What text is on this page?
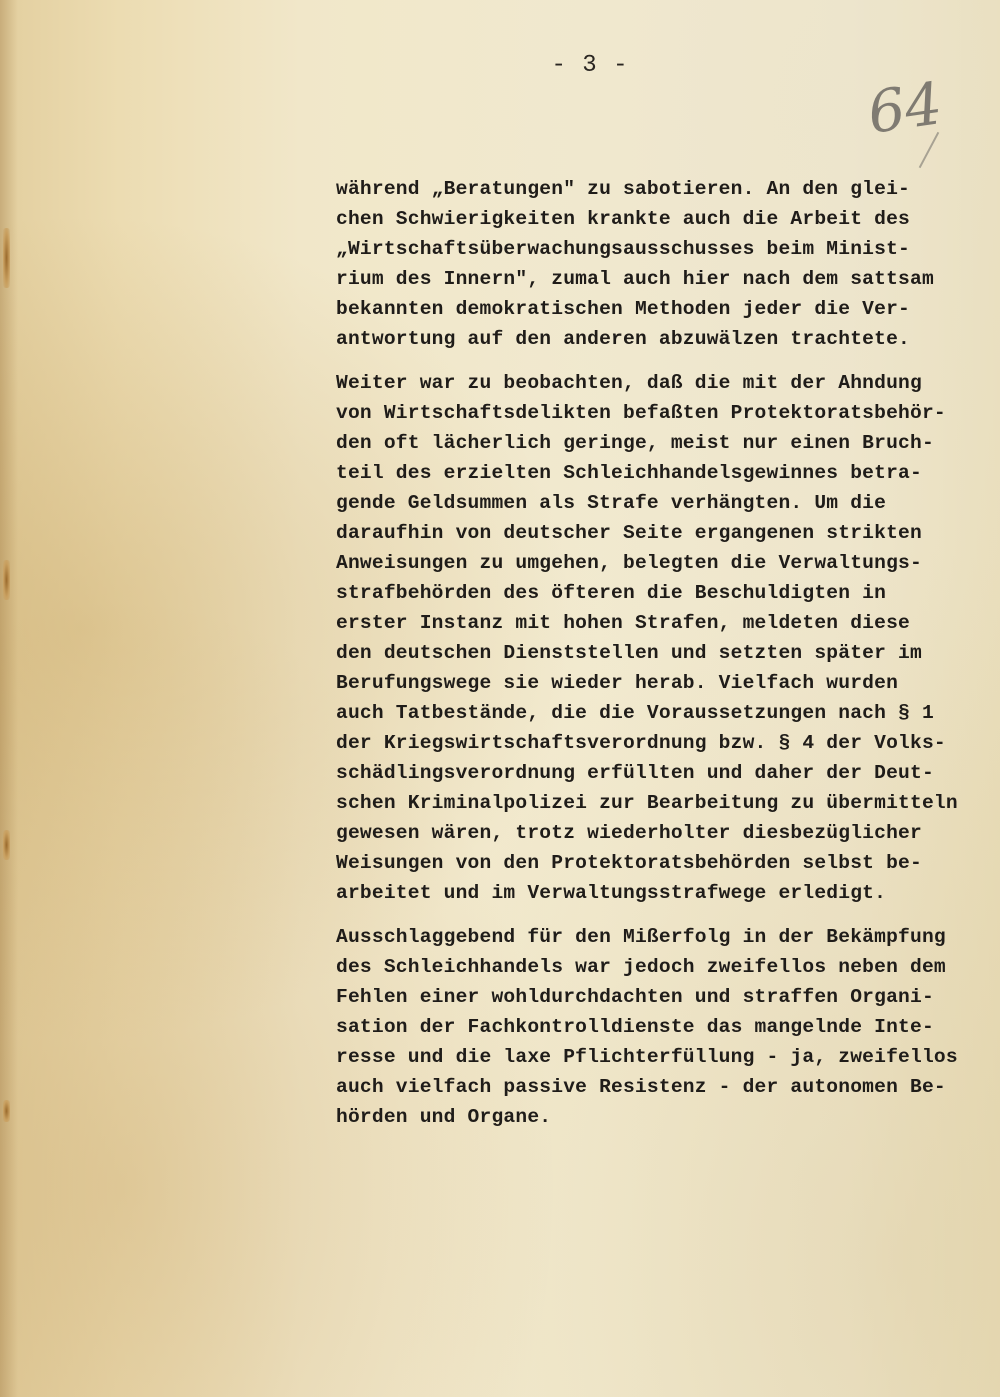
- 3 -
64
während „Beratungen" zu sabotieren. An den glei-
chen Schwierigkeiten krankte auch die Arbeit des
„Wirtschaftsüberwachungsausschusses beim Minist-
rium des Innern", zumal auch hier nach dem sattsam
bekannten demokratischen Methoden jeder die Ver-
antwortung auf den anderen abzuwälzen trachtete.
Weiter war zu beobachten, daß die mit der Ahndung
von Wirtschaftsdelikten befaßten Protektoratsbehör-
den oft lächerlich geringe, meist nur einen Bruch-
teil des erzielten Schleichhandelsgewinnes betra-
gende Geldsummen als Strafe verhängten. Um die
daraufhin von deutscher Seite ergangenen strikten
Anweisungen zu umgehen, belegten die Verwaltungs-
strafbehörden des öfteren die Beschuldigten in
erster Instanz mit hohen Strafen, meldeten diese
den deutschen Dienststellen und setzten später im
Berufungswege sie wieder herab. Vielfach wurden
auch Tatbestände, die die Voraussetzungen nach § 1
der Kriegswirtschaftsverordnung bzw. § 4 der Volks-
schädlingsverordnung erfüllten und daher der Deut-
schen Kriminalpolizei zur Bearbeitung zu übermitteln
gewesen wären, trotz wiederholter diesbezüglicher
Weisungen von den Protektoratsbehörden selbst be-
arbeitet und im Verwaltungsstrafwege erledigt.
Ausschlaggebend für den Mißerfolg in der Bekämpfung
des Schleichhandels war jedoch zweifellos neben dem
Fehlen einer wohldurchdachten und straffen Organi-
sation der Fachkontrolldienste das mangelnde Inte-
resse und die laxe Pflichterfüllung - ja, zweifellos
auch vielfach passive Resistenz - der autonomen Be-
hörden und Organe.
